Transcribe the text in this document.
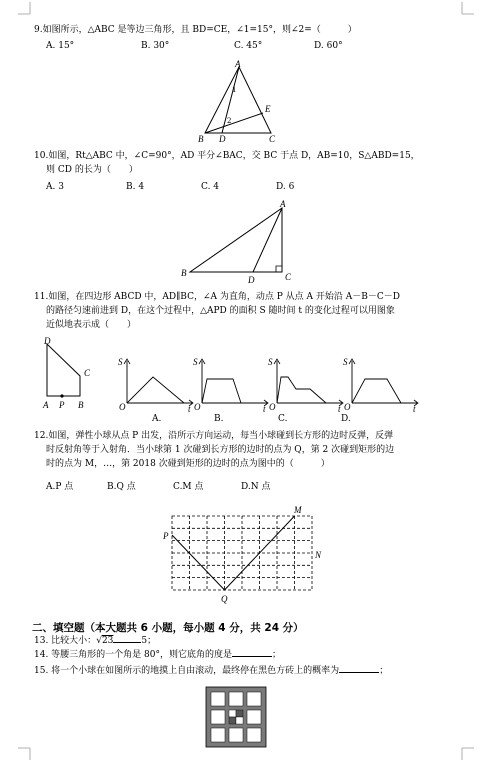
9.如图所示，△ABC 是等边三角形，且 BD=CE，∠1=15°，则∠2=（　　　）
A. 15°	B. 30°	C. 45°	D. 60°
A
B	C
D
E
1
2
10.如图，Rt△ABC 中，∠C=90°，AD 平分∠BAC，交 BC 于点 D，AB=10，S△ABD=15，
则 CD 的长为（　　）
A. 3	B. 4	C. 4	D. 6
A
B	C
D
11.如图，在四边形 ABCD 中，AD∥BC，∠A 为直角，动点 P 从点 A 开始沿 A－B－C－D
的路径匀速前进到 D，在这个过程中，△APD 的面积 S 随时间 t 的变化过程可以用图象
近似地表示成（　　）
D
C
A P B
S
O	t
S
O	t
S
O	t
S
O	t
A.	B.	C.	D.
12.如图，弹性小球从点 P 出发，沿所示方向运动，每当小球碰到长方形的边时反弹，反弹
时反射角等于入射角．当小球第 1 次碰到长方形的边时的点为 Q，第 2 次碰到矩形的边
时的点为 M，…，第 2018 次碰到矩形的边时的点为图中的（　　　）
A.P 点	B.Q 点	C.M 点	D.N 点
P
Q
M
N
二、填空题（本大题共 6 小题，每小题 4 分，共 24 分）
13. 比较大小：√23	5；
14. 等腰三角形的一个角是 80°，则它底角的度是	；
15. 将一个小球在如图所示的地摸上自由滚动，最终停在黑色方砖上的概率为	；
